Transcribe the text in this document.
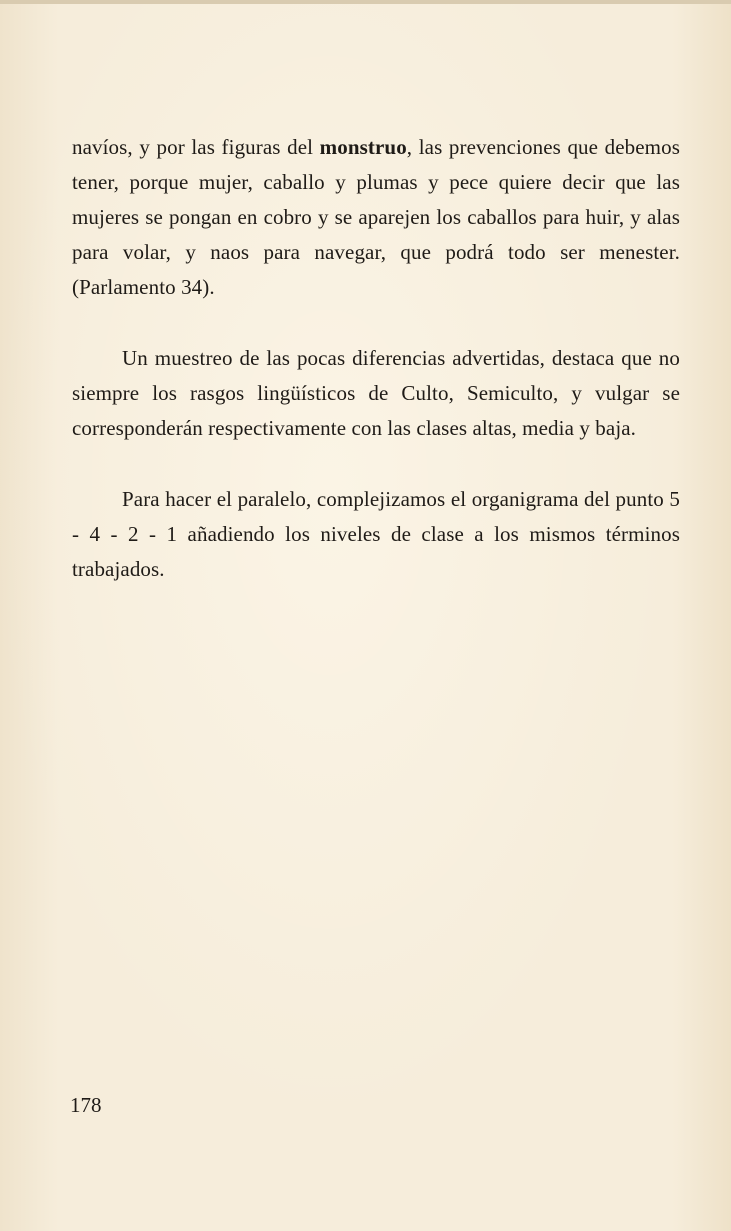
navíos, y por las figuras del monstruo, las prevenciones que debemos tener, porque mujer, caballo y plumas y pece quiere decir que las mujeres se pongan en cobro y se aparejen los caballos para huir, y alas para volar, y naos para navegar, que podrá todo ser menester. (Parlamento 34).

Un muestreo de las pocas diferencias advertidas, destaca que no siempre los rasgos lingüísticos de Culto, Semiculto, y vulgar se corresponderán respectivamente con las clases altas, media y baja.

Para hacer el paralelo, complejizamos el organigrama del punto 5 - 4 - 2 - 1 añadiendo los niveles de clase a los mismos términos trabajados.

178
